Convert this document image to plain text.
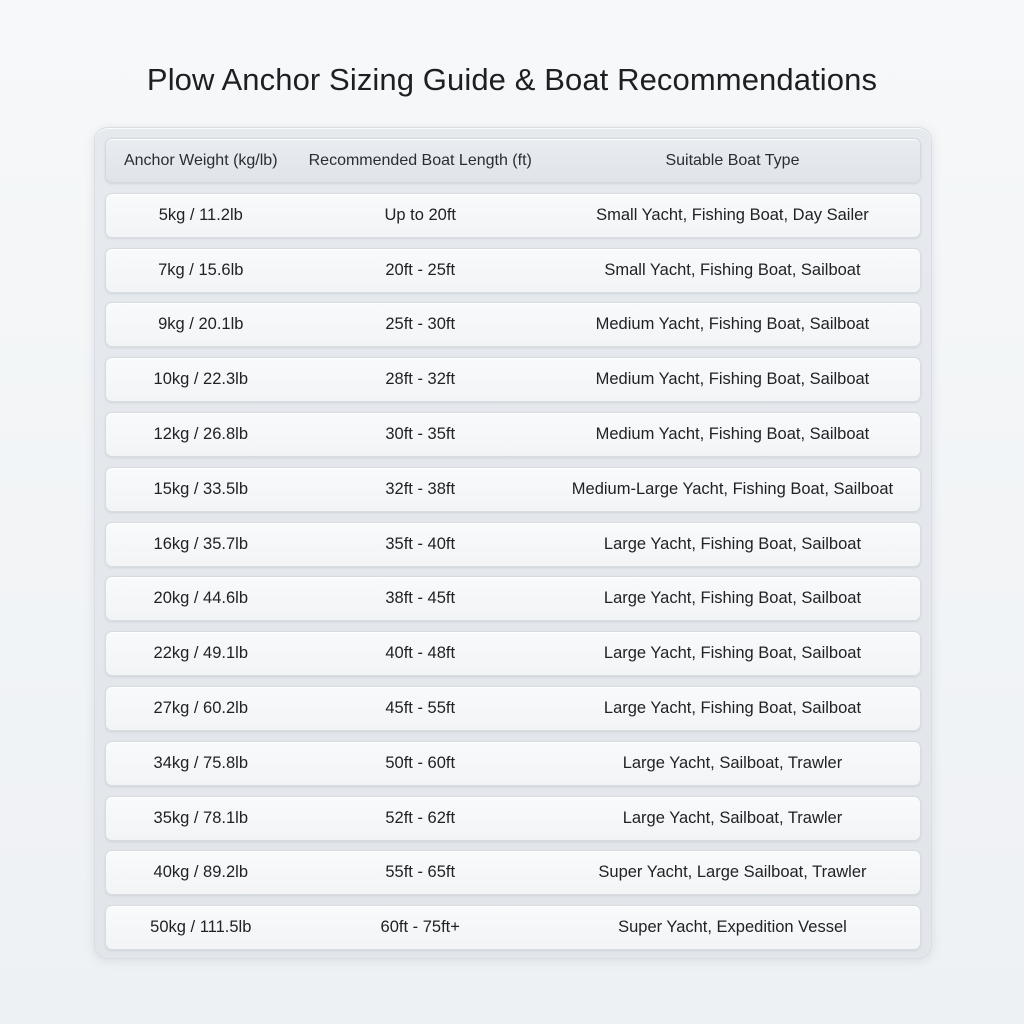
Plow Anchor Sizing Guide & Boat Recommendations
Anchor Weight (kg/lb)	Recommended Boat Length (ft)	Suitable Boat Type
5kg / 11.2lb	Up to 20ft	Small Yacht, Fishing Boat, Day Sailer
7kg / 15.6lb	20ft - 25ft	Small Yacht, Fishing Boat, Sailboat
9kg / 20.1lb	25ft - 30ft	Medium Yacht, Fishing Boat, Sailboat
10kg / 22.3lb	28ft - 32ft	Medium Yacht, Fishing Boat, Sailboat
12kg / 26.8lb	30ft - 35ft	Medium Yacht, Fishing Boat, Sailboat
15kg / 33.5lb	32ft - 38ft	Medium-Large Yacht, Fishing Boat, Sailboat
16kg / 35.7lb	35ft - 40ft	Large Yacht, Fishing Boat, Sailboat
20kg / 44.6lb	38ft - 45ft	Large Yacht, Fishing Boat, Sailboat
22kg / 49.1lb	40ft - 48ft	Large Yacht, Fishing Boat, Sailboat
27kg / 60.2lb	45ft - 55ft	Large Yacht, Fishing Boat, Sailboat
34kg / 75.8lb	50ft - 60ft	Large Yacht, Sailboat, Trawler
35kg / 78.1lb	52ft - 62ft	Large Yacht, Sailboat, Trawler
40kg / 89.2lb	55ft - 65ft	Super Yacht, Large Sailboat, Trawler
50kg / 111.5lb	60ft - 75ft+	Super Yacht, Expedition Vessel
